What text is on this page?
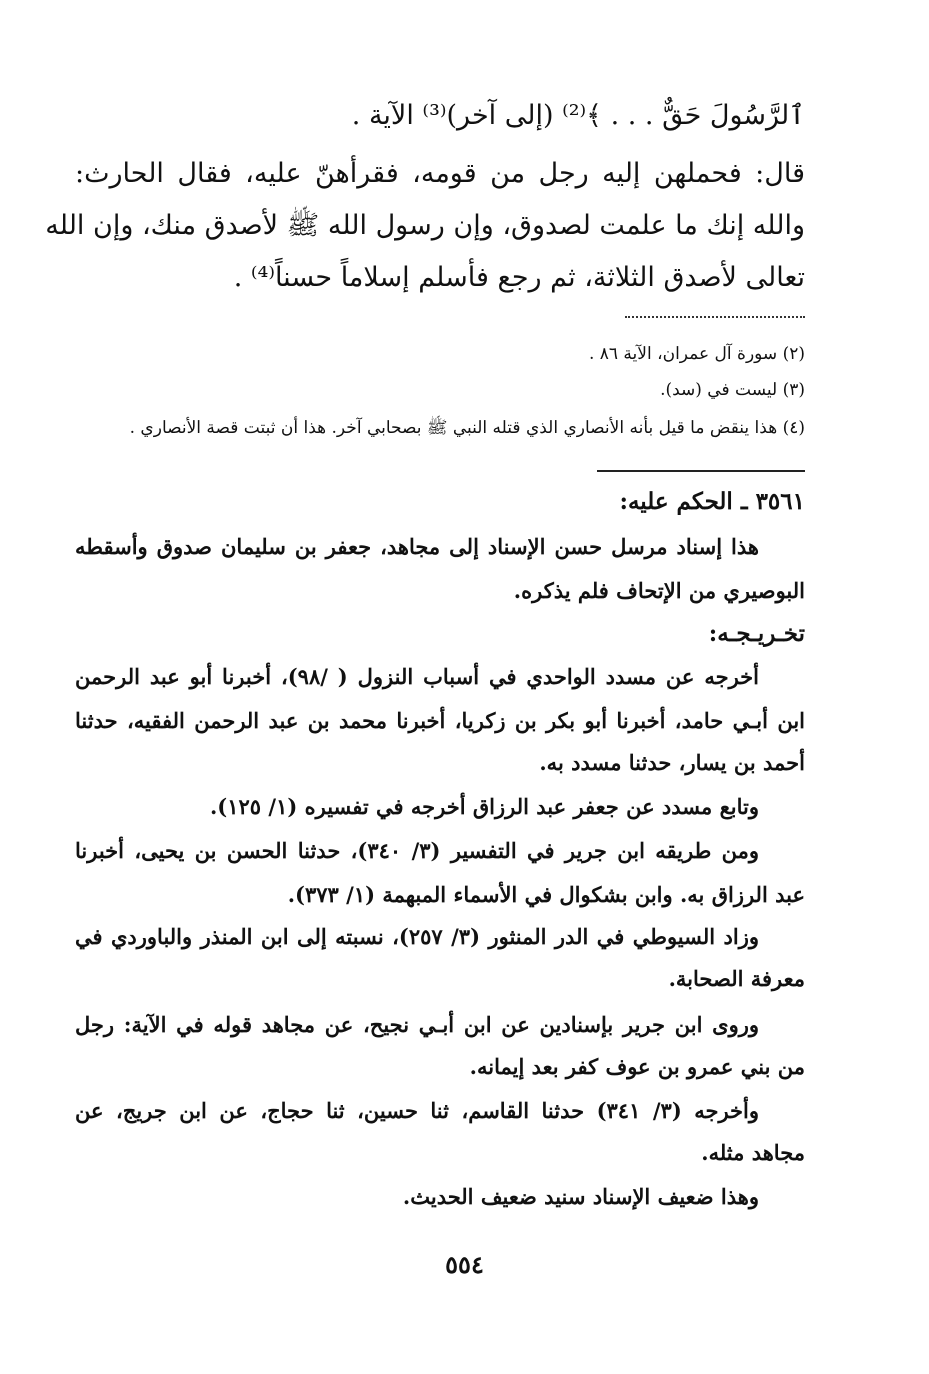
ٱلرَّسُولَ حَقٌّ . . . ﴾⁽²⁾ (إلى آخر)⁽³⁾ الآية .
قال: فحملهن إليه رجل من قومه، فقرأهنّ عليه، فقال الحارث:
والله إنك ما علمت لصدوق، وإن رسول الله ﷺ لأصدق منك، وإن الله
تعالى لأصدق الثلاثة، ثم رجع فأسلم إسلاماً حسناً⁽⁴⁾ .
(٢) سورة آل عمران، الآية ٨٦ .
(٣) ليست في (سد).
(٤) هذا ينقض ما قيل بأنه الأنصاري الذي قتله النبي ﷺ بصحابي آخر. هذا أن ثبتت قصة الأنصاري .
٣٥٦١ ـ الحكم عليه:
هذا إسناد مرسل حسن الإسناد إلى مجاهد، جعفر بن سليمان صدوق وأسقطه
البوصيري من الإتحاف فلم يذكره.
تخـريـجـه:
أخرجه عن مسدد الواحدي في أسباب النزول ( /٩٨)، أخبرنا أبو عبد الرحمن
ابن أبـي حامد، أخبرنا أبو بكر بن زكريا، أخبرنا محمد بن عبد الرحمن الفقيه، حدثنا
أحمد بن يسار، حدثنا مسدد به.
وتابع مسدد عن جعفر عبد الرزاق أخرجه في تفسيره (١/ ١٢٥).
ومن طريقه ابن جرير في التفسير (٣/ ٣٤٠)، حدثنا الحسن بن يحيى، أخبرنا
عبد الرزاق به. وابن بشكوال في الأسماء المبهمة (١/ ٣٧٣).
وزاد السيوطي في الدر المنثور (٣/ ٢٥٧)، نسبته إلى ابن المنذر والباوردي في
معرفة الصحابة.
وروى ابن جرير بإسنادين عن ابن أبـي نجيح، عن مجاهد قوله في الآية: رجل
من بني عمرو بن عوف كفر بعد إيمانه.
وأخرجه (٣/ ٣٤١) حدثنا القاسم، ثنا حسين، ثنا حجاج، عن ابن جريج، عن
مجاهد مثله.
وهذا ضعيف الإسناد سنيد ضعيف الحديث.
٥٥٤
